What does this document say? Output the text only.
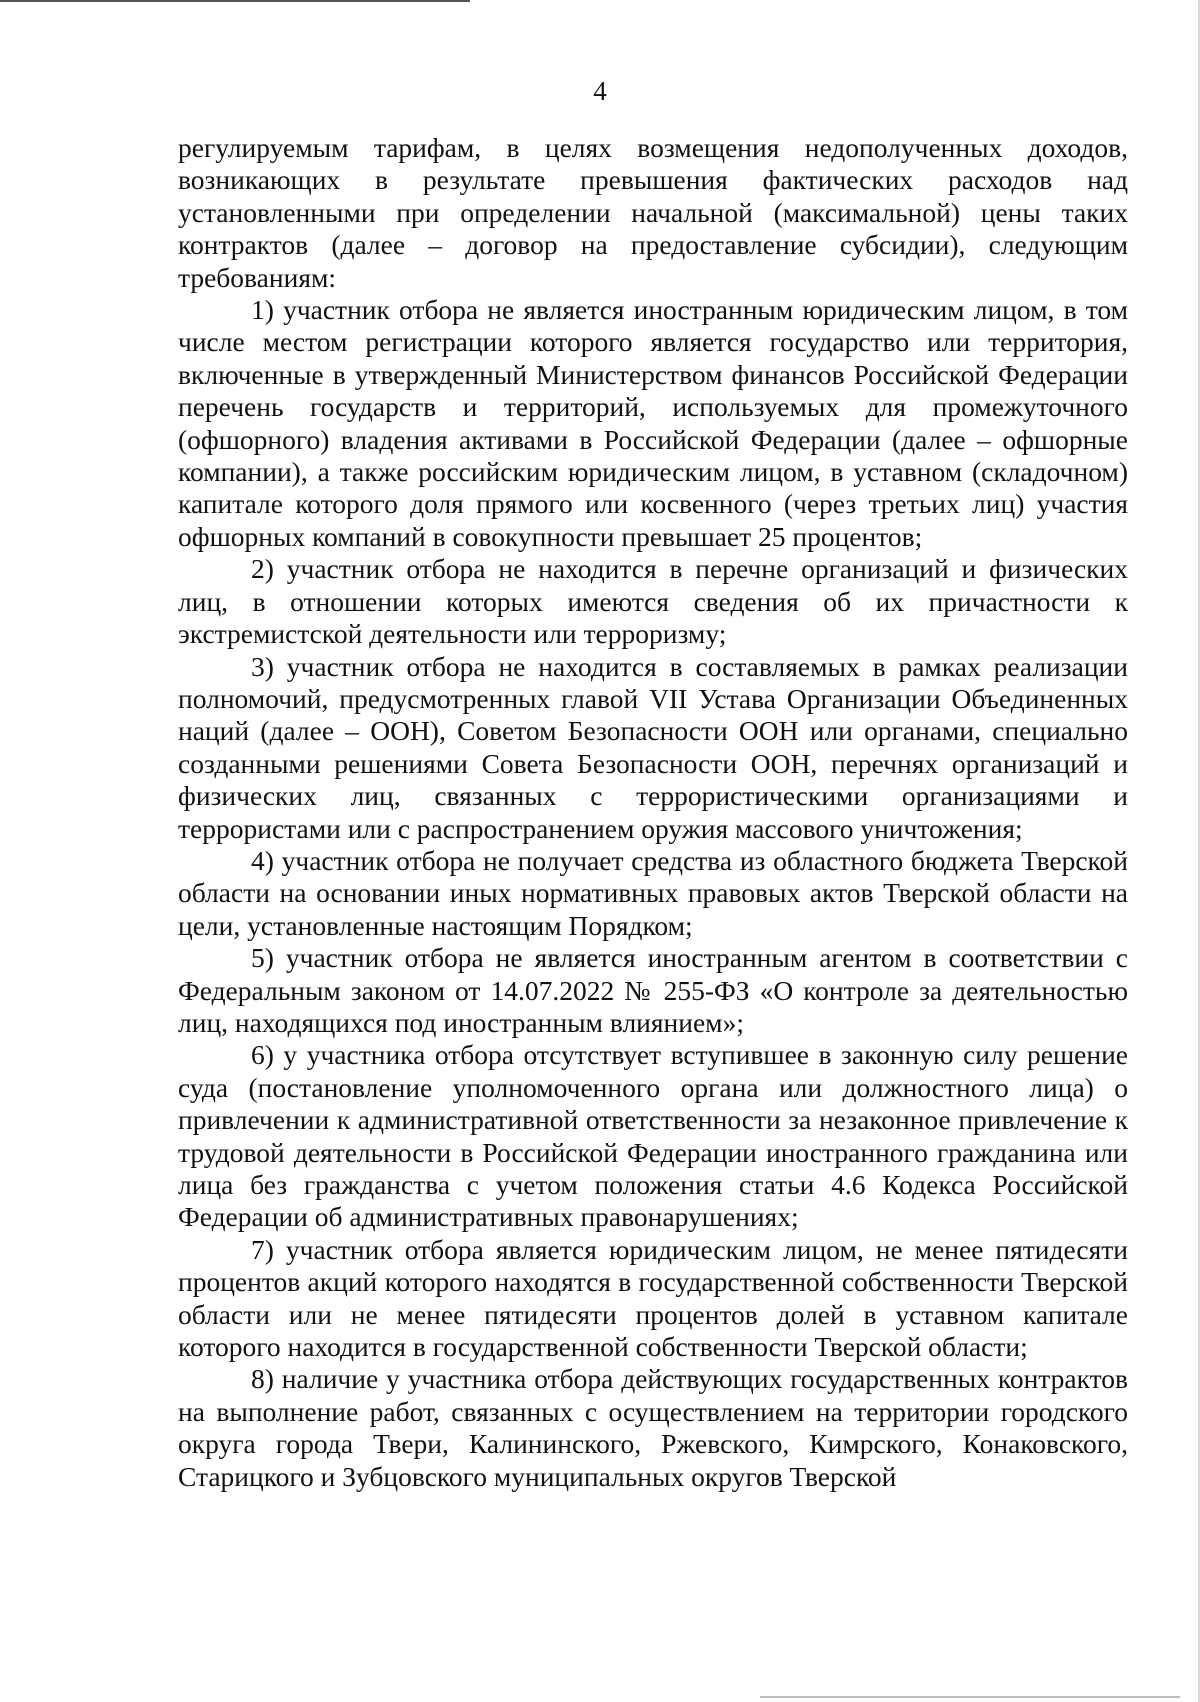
4

регулируемым тарифам, в целях возмещения недополученных доходов, возникающих в результате превышения фактических расходов над установленными при определении начальной (максимальной) цены таких контрактов (далее – договор на предоставление субсидии), следующим требованиям:

1) участник отбора не является иностранным юридическим лицом, в том числе местом регистрации которого является государство или территория, включенные в утвержденный Министерством финансов Российской Федерации перечень государств и территорий, используемых для промежуточного (офшорного) владения активами в Российской Федерации (далее – офшорные компании), а также российским юридическим лицом, в уставном (складочном) капитале которого доля прямого или косвенного (через третьих лиц) участия офшорных компаний в совокупности превышает 25 процентов;

2) участник отбора не находится в перечне организаций и физических лиц, в отношении которых имеются сведения об их причастности к экстремистской деятельности или терроризму;

3) участник отбора не находится в составляемых в рамках реализации полномочий, предусмотренных главой VII Устава Организации Объединенных наций (далее – ООН), Советом Безопасности ООН или органами, специально созданными решениями Совета Безопасности ООН, перечнях организаций и физических лиц, связанных с террористическими организациями и террористами или с распространением оружия массового уничтожения;

4) участник отбора не получает средства из областного бюджета Тверской области на основании иных нормативных правовых актов Тверской области на цели, установленные настоящим Порядком;

5) участник отбора не является иностранным агентом в соответствии с Федеральным законом от 14.07.2022 № 255-ФЗ «О контроле за деятельностью лиц, находящихся под иностранным влиянием»;

6) у участника отбора отсутствует вступившее в законную силу решение суда (постановление уполномоченного органа или должностного лица) о привлечении к административной ответственности за незаконное привлечение к трудовой деятельности в Российской Федерации иностранного гражданина или лица без гражданства с учетом положения статьи 4.6 Кодекса Российской Федерации об административных правонарушениях;

7) участник отбора является юридическим лицом, не менее пятидесяти процентов акций которого находятся в государственной собственности Тверской области или не менее пятидесяти процентов долей в уставном капитале которого находится в государственной собственности Тверской области;

8) наличие у участника отбора действующих государственных контрактов на выполнение работ, связанных с осуществлением на территории городского округа города Твери, Калининского, Ржевского, Кимрского, Конаковского, Старицкого и Зубцовского муниципальных округов Тверской
